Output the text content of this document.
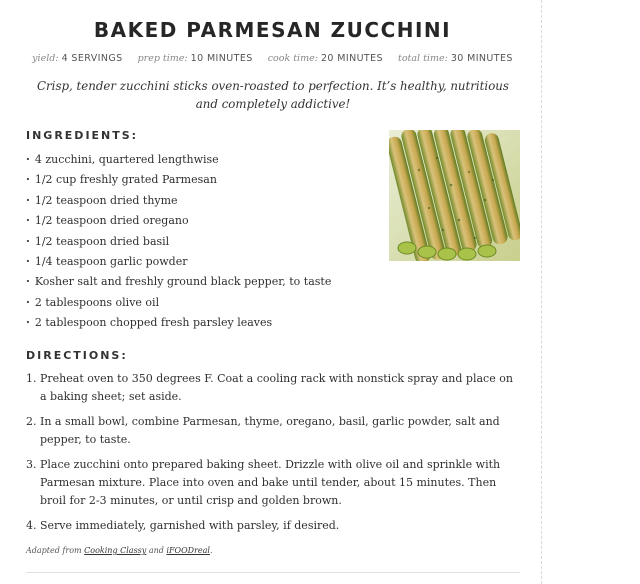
BAKED PARMESAN ZUCCHINI
yield: 4 SERVINGS prep time: 10 MINUTES cook time: 20 MINUTES total time: 30 MINUTES

Crisp, tender zucchini sticks oven-roasted to perfection. It’s healthy, nutritious and completely addictive!

INGREDIENTS:
· 4 zucchini, quartered lengthwise
· 1/2 cup freshly grated Parmesan
· 1/2 teaspoon dried thyme
· 1/2 teaspoon dried oregano
· 1/2 teaspoon dried basil
· 1/4 teaspoon garlic powder
· Kosher salt and freshly ground black pepper, to taste
· 2 tablespoons olive oil
· 2 tablespoon chopped fresh parsley leaves
DIRECTIONS:
1. Preheat oven to 350 degrees F. Coat a cooling rack with nonstick spray and place on a baking sheet; set aside.
2. In a small bowl, combine Parmesan, thyme, oregano, basil, garlic powder, salt and pepper, to taste.
3. Place zucchini onto prepared baking sheet. Drizzle with olive oil and sprinkle with Parmesan mixture. Place into oven and bake until tender, about 15 minutes. Then broil for 2-3 minutes, or until crisp and golden brown.
4. Serve immediately, garnished with parsley, if desired.

Adapted from Cooking Classy and iFOODreal.
